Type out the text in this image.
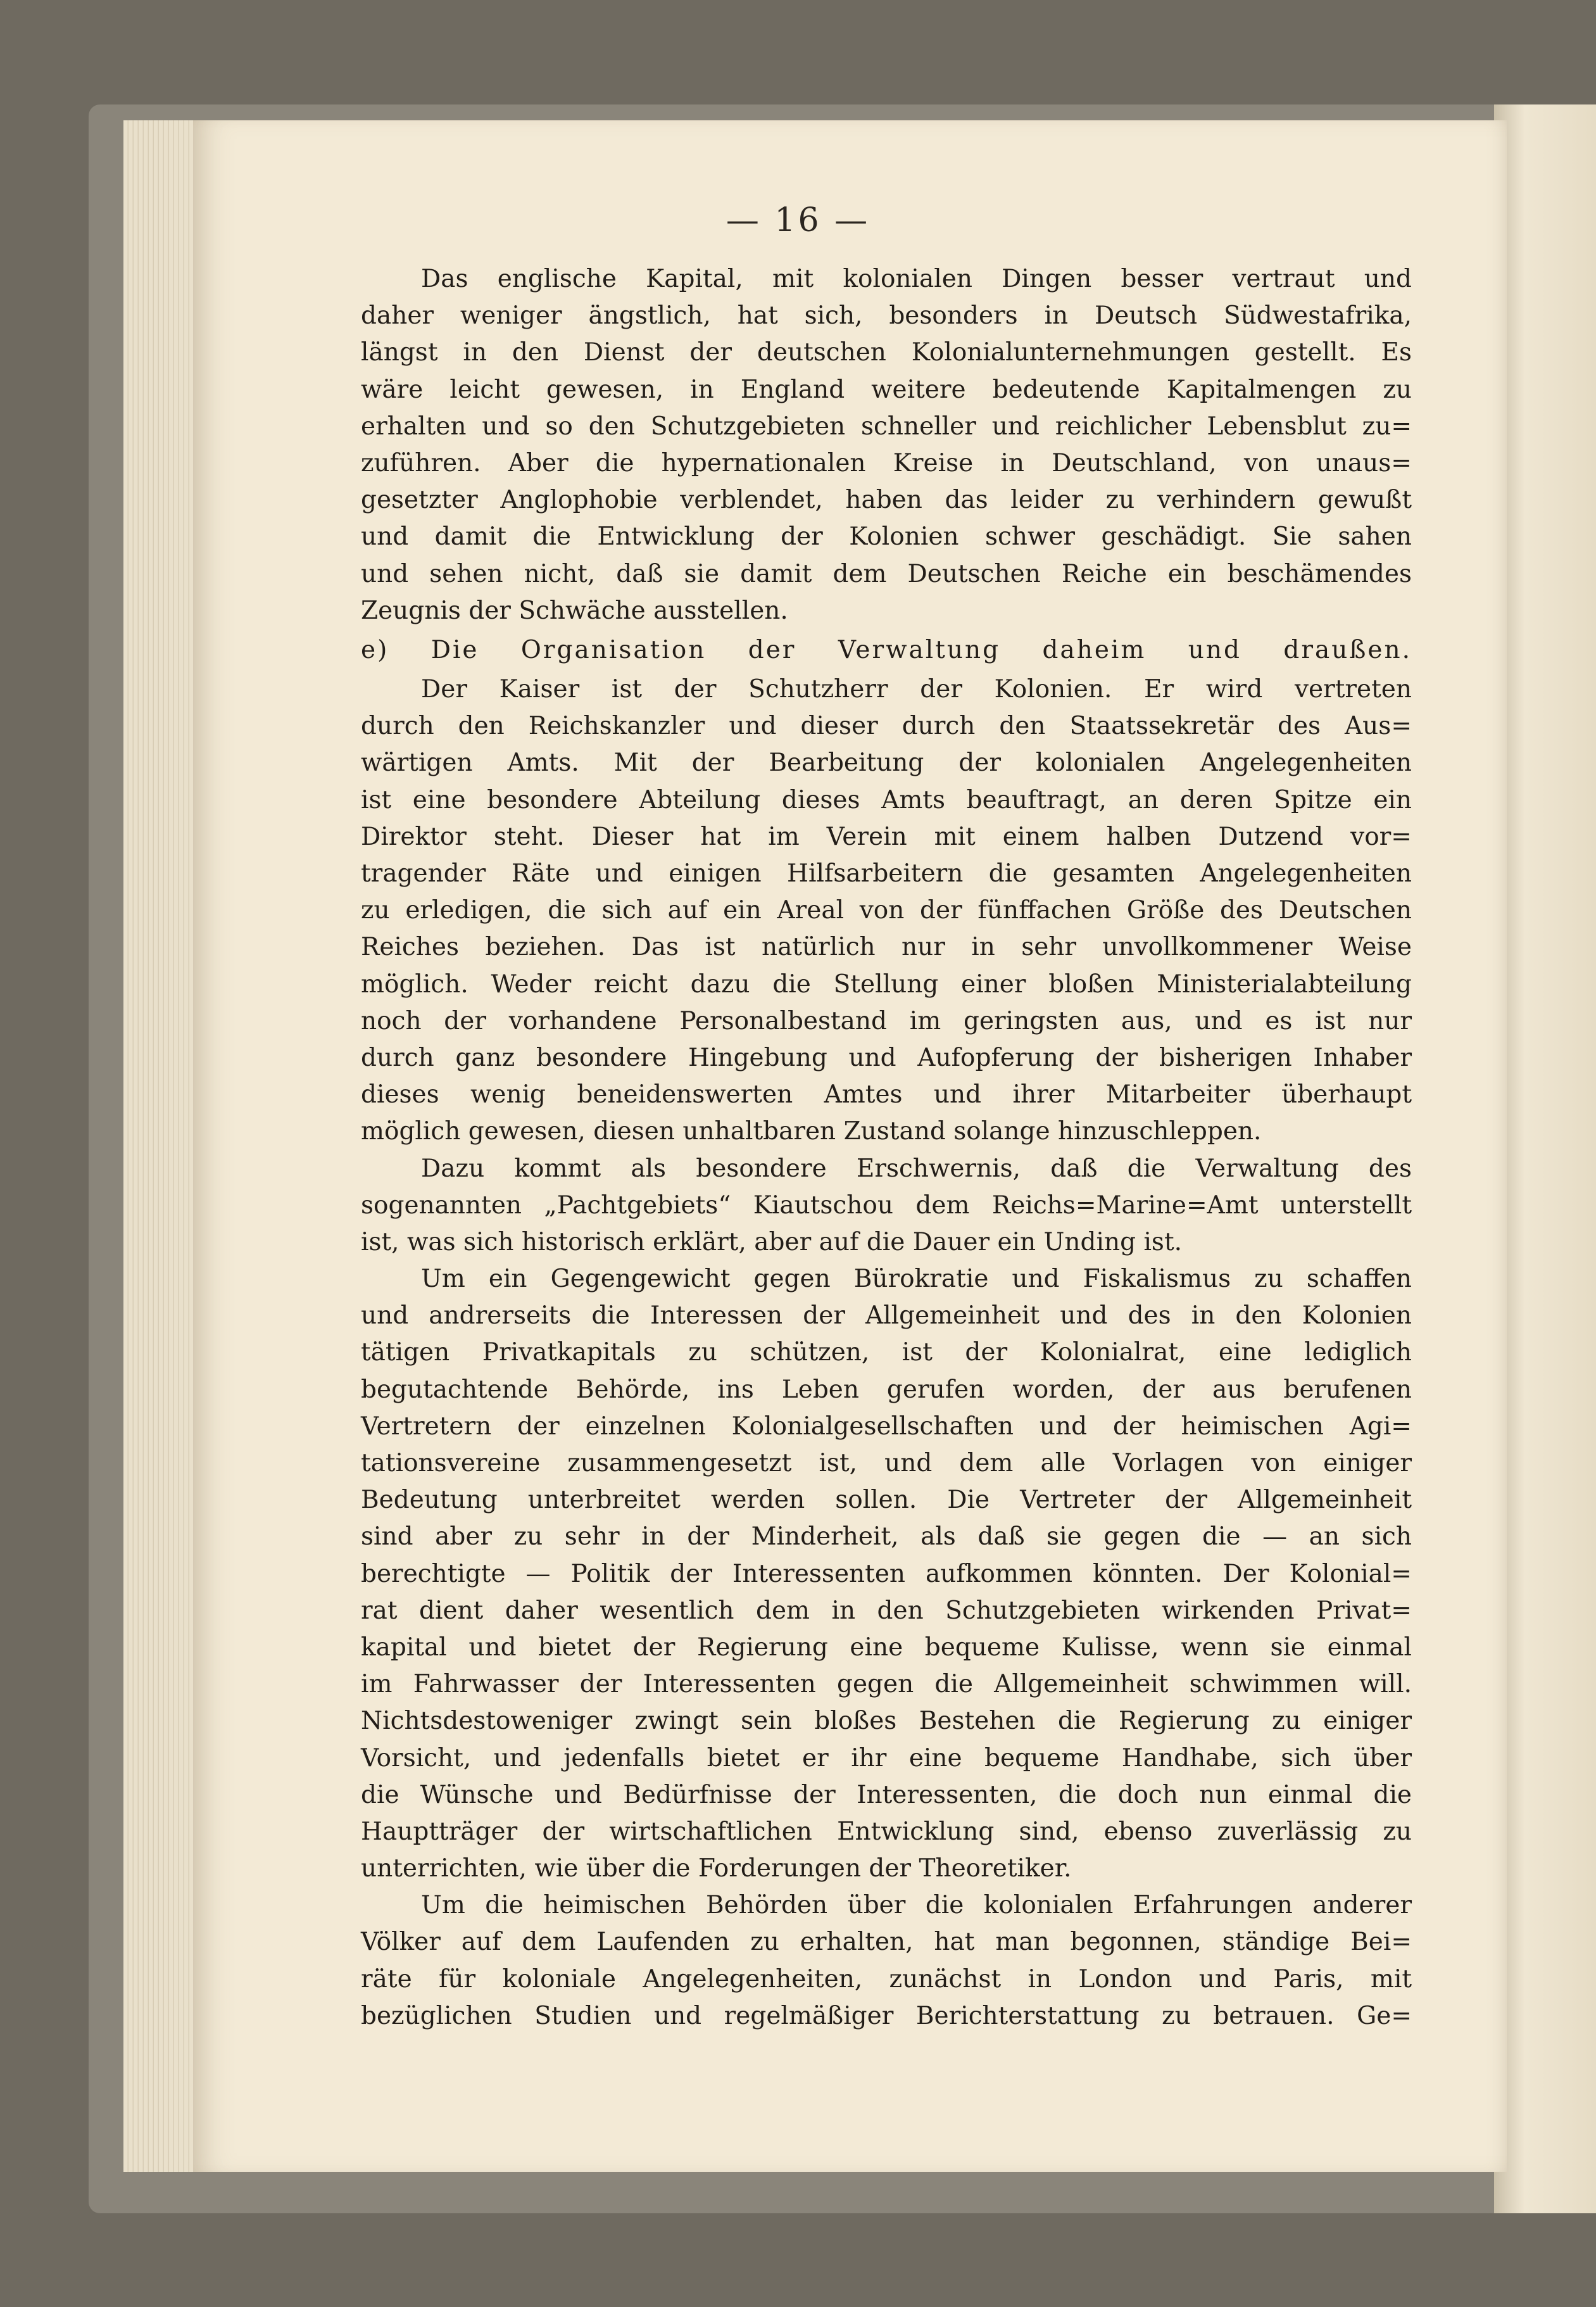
— 16 —
Das englische Kapital, mit kolonialen Dingen besser vertraut und
daher weniger ängstlich, hat sich, besonders in Deutsch Südwestafrika,
längst in den Dienst der deutschen Kolonialunternehmungen gestellt. Es
wäre leicht gewesen, in England weitere bedeutende Kapitalmengen zu
erhalten und so den Schutzgebieten schneller und reichlicher Lebensblut zu=
zuführen. Aber die hypernationalen Kreise in Deutschland, von unaus=
gesetzter Anglophobie verblendet, haben das leider zu verhindern gewußt
und damit die Entwicklung der Kolonien schwer geschädigt. Sie sahen
und sehen nicht, daß sie damit dem Deutschen Reiche ein beschämendes
Zeugnis der Schwäche ausstellen.
e) Die Organisation der Verwaltung daheim und draußen.
Der Kaiser ist der Schutzherr der Kolonien. Er wird vertreten
durch den Reichskanzler und dieser durch den Staatssekretär des Aus=
wärtigen Amts. Mit der Bearbeitung der kolonialen Angelegenheiten
ist eine besondere Abteilung dieses Amts beauftragt, an deren Spitze ein
Direktor steht. Dieser hat im Verein mit einem halben Dutzend vor=
tragender Räte und einigen Hilfsarbeitern die gesamten Angelegenheiten
zu erledigen, die sich auf ein Areal von der fünffachen Größe des Deutschen
Reiches beziehen. Das ist natürlich nur in sehr unvollkommener Weise
möglich. Weder reicht dazu die Stellung einer bloßen Ministerialabteilung
noch der vorhandene Personalbestand im geringsten aus, und es ist nur
durch ganz besondere Hingebung und Aufopferung der bisherigen Inhaber
dieses wenig beneidenswerten Amtes und ihrer Mitarbeiter überhaupt
möglich gewesen, diesen unhaltbaren Zustand solange hinzuschleppen.
Dazu kommt als besondere Erschwernis, daß die Verwaltung des
sogenannten „Pachtgebiets“ Kiautschou dem Reichs=Marine=Amt unterstellt
ist, was sich historisch erklärt, aber auf die Dauer ein Unding ist.
Um ein Gegengewicht gegen Bürokratie und Fiskalismus zu schaffen
und andrerseits die Interessen der Allgemeinheit und des in den Kolonien
tätigen Privatkapitals zu schützen, ist der Kolonialrat, eine lediglich
begutachtende Behörde, ins Leben gerufen worden, der aus berufenen
Vertretern der einzelnen Kolonialgesellschaften und der heimischen Agi=
tationsvereine zusammengesetzt ist, und dem alle Vorlagen von einiger
Bedeutung unterbreitet werden sollen. Die Vertreter der Allgemeinheit
sind aber zu sehr in der Minderheit, als daß sie gegen die — an sich
berechtigte — Politik der Interessenten aufkommen könnten. Der Kolonial=
rat dient daher wesentlich dem in den Schutzgebieten wirkenden Privat=
kapital und bietet der Regierung eine bequeme Kulisse, wenn sie einmal
im Fahrwasser der Interessenten gegen die Allgemeinheit schwimmen will.
Nichtsdestoweniger zwingt sein bloßes Bestehen die Regierung zu einiger
Vorsicht, und jedenfalls bietet er ihr eine bequeme Handhabe, sich über
die Wünsche und Bedürfnisse der Interessenten, die doch nun einmal die
Hauptträger der wirtschaftlichen Entwicklung sind, ebenso zuverlässig zu
unterrichten, wie über die Forderungen der Theoretiker.
Um die heimischen Behörden über die kolonialen Erfahrungen anderer
Völker auf dem Laufenden zu erhalten, hat man begonnen, ständige Bei=
räte für koloniale Angelegenheiten, zunächst in London und Paris, mit
bezüglichen Studien und regelmäßiger Berichterstattung zu betrauen. Ge=
